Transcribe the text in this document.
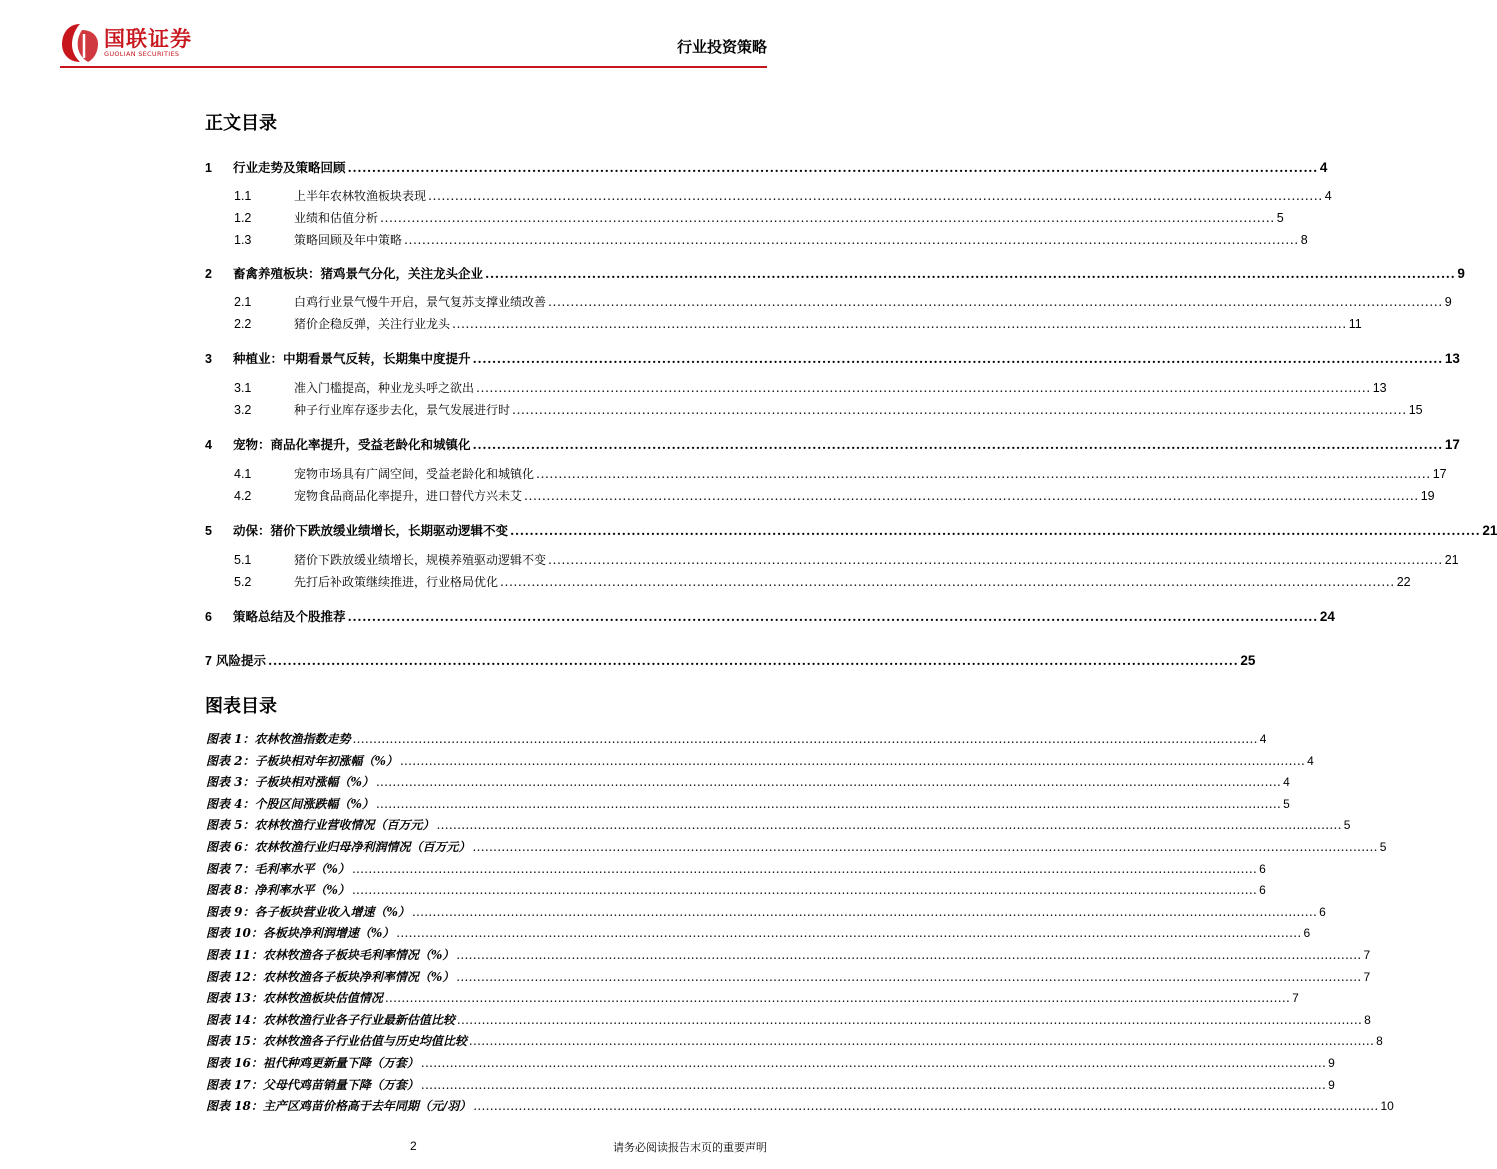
国联证券
GUOLIAN SECURITIES	行业投资策略
正文目录
1	行业走势及策略回顾 ........................................................................................................................................................................................................ 4
1.1	上半年农林牧渔板块表现 ........................................................................................................................................................................................................ 4
1.2	业绩和估值分析 ........................................................................................................................................................................................................ 5
1.3	策略回顾及年中策略 ........................................................................................................................................................................................................ 8
2	畜禽养殖板块：猪鸡景气分化，关注龙头企业 ........................................................................................................................................................................................................ 9
2.1	白鸡行业景气慢牛开启，景气复苏支撑业绩改善 ........................................................................................................................................................................................................ 9
2.2	猪价企稳反弹，关注行业龙头 ........................................................................................................................................................................................................ 11
3	种植业：中期看景气反转，长期集中度提升 ........................................................................................................................................................................................................ 13
3.1	准入门槛提高，种业龙头呼之欲出 ........................................................................................................................................................................................................ 13
3.2	种子行业库存逐步去化，景气发展进行时 ........................................................................................................................................................................................................ 15
4	宠物：商品化率提升，受益老龄化和城镇化 ........................................................................................................................................................................................................ 17
4.1	宠物市场具有广阔空间，受益老龄化和城镇化 ........................................................................................................................................................................................................ 17
4.2	宠物食品商品化率提升，进口替代方兴未艾 ........................................................................................................................................................................................................ 19
5	动保：猪价下跌放缓业绩增长，长期驱动逻辑不变 ........................................................................................................................................................................................................ 21
5.1	猪价下跌放缓业绩增长，规模养殖驱动逻辑不变 ........................................................................................................................................................................................................ 21
5.2	先打后补政策继续推进，行业格局优化 ........................................................................................................................................................................................................ 22
6	策略总结及个股推荐 ........................................................................................................................................................................................................ 24
7 风险提示 ........................................................................................................................................................................................................ 25
图表目录
图表 1：农林牧渔指数走势 ............................................................................................................................................................................................................................ 4
图表 2：子板块相对年初涨幅（%） ............................................................................................................................................................................................................................ 4
图表 3：子板块相对涨幅（%） ............................................................................................................................................................................................................................ 4
图表 4：个股区间涨跌幅（%） ............................................................................................................................................................................................................................ 5
图表 5：农林牧渔行业营收情况（百万元） ............................................................................................................................................................................................................................ 5
图表 6：农林牧渔行业归母净利润情况（百万元） ............................................................................................................................................................................................................................ 5
图表 7：毛利率水平（%） ............................................................................................................................................................................................................................ 6
图表 8：净利率水平（%） ............................................................................................................................................................................................................................ 6
图表 9：各子板块营业收入增速（%） ............................................................................................................................................................................................................................ 6
图表 10：各板块净利润增速（%） ............................................................................................................................................................................................................................ 6
图表 11：农林牧渔各子板块毛利率情况（%） ............................................................................................................................................................................................................................ 7
图表 12：农林牧渔各子板块净利率情况（%） ............................................................................................................................................................................................................................ 7
图表 13：农林牧渔板块估值情况 ............................................................................................................................................................................................................................ 7
图表 14：农林牧渔行业各子行业最新估值比较 ............................................................................................................................................................................................................................ 8
图表 15：农林牧渔各子行业估值与历史均值比较 ............................................................................................................................................................................................................................ 8
图表 16：祖代种鸡更新量下降（万套） ............................................................................................................................................................................................................................ 9
图表 17：父母代鸡苗销量下降（万套） ............................................................................................................................................................................................................................ 9
图表 18：主产区鸡苗价格高于去年同期（元/羽） ............................................................................................................................................................................................................................ 10
2	请务必阅读报告末页的重要声明
